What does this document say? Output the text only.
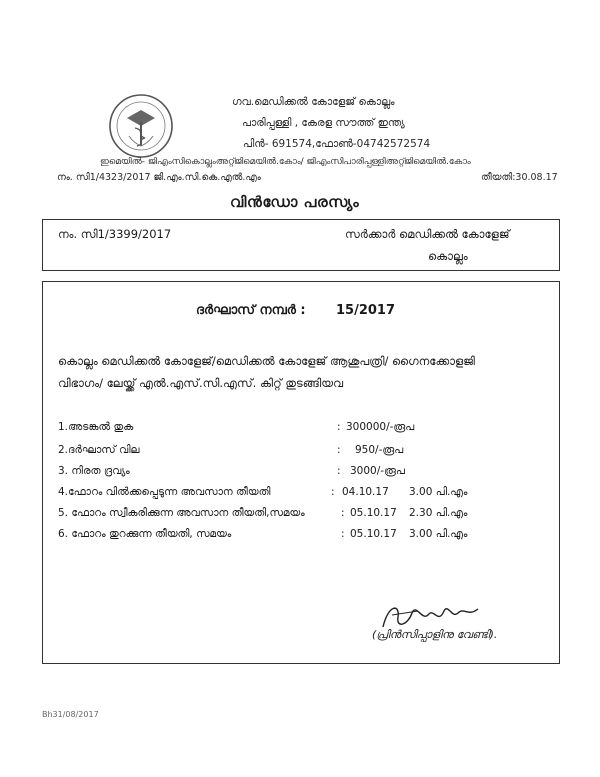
ഗവ.മെഡിക്കൽ കോളേജ് കൊല്ലം
പാരിപ്പള്ളി , കേരള സൗത്ത് ഇന്ത്യ
പിൻ- 691574,ഫോൺ-04742572574
ഇമെയിൽ- ജിഎംസികൊല്ലംഅറ്റ്ജിമെയിൽ.കോം/ ജിഎംസിപാരിപ്പള്ളിഅറ്റ്ജിമെയിൽ.കോം
നം. സി1/4323/2017 ജി.എം.സി.കെ.എൽ.എം	തീയതി:30.08.17
വിൻഡോ പരസ്യം
നം. സി1/3399/2017	സർക്കാർ മെഡിക്കൽ കോളേജ്
കൊല്ലം
ദർഘാസ് നമ്പർ : 15/2017
കൊല്ലം മെഡിക്കൽ കോളേജ്/മെഡിക്കൽ കോളേജ് ആശുപത്രി/ ഗൈനക്കോളജി
വിഭാഗം/ ലേയ്ക്ക് എൽ.എസ്.സി.എസ്. കിറ്റ് തുടങ്ങിയവ
1.അടങ്കൽ തുക	: 300000/-രൂപ
2.ദർഘാസ് വില	: 950/-രൂപ
3. നിരത ദ്രവ്യം	: 3000/-രൂപ
4.ഫോറം വിൽക്കപ്പെടുന്ന അവസാന തീയതി	: 04.10.17 3.00 പി.എം
5. ഫോറം സ്വീകരിക്കുന്ന അവസാന തീയതി,സമയം	: 05.10.17 2.30 പി.എം
6. ഫോറം തുറക്കുന്ന തീയതി, സമയം	: 05.10.17 3.00 പി.എം
(പ്രിൻസിപ്പാളിനു വേണ്ടി).
Bh31/08/2017
